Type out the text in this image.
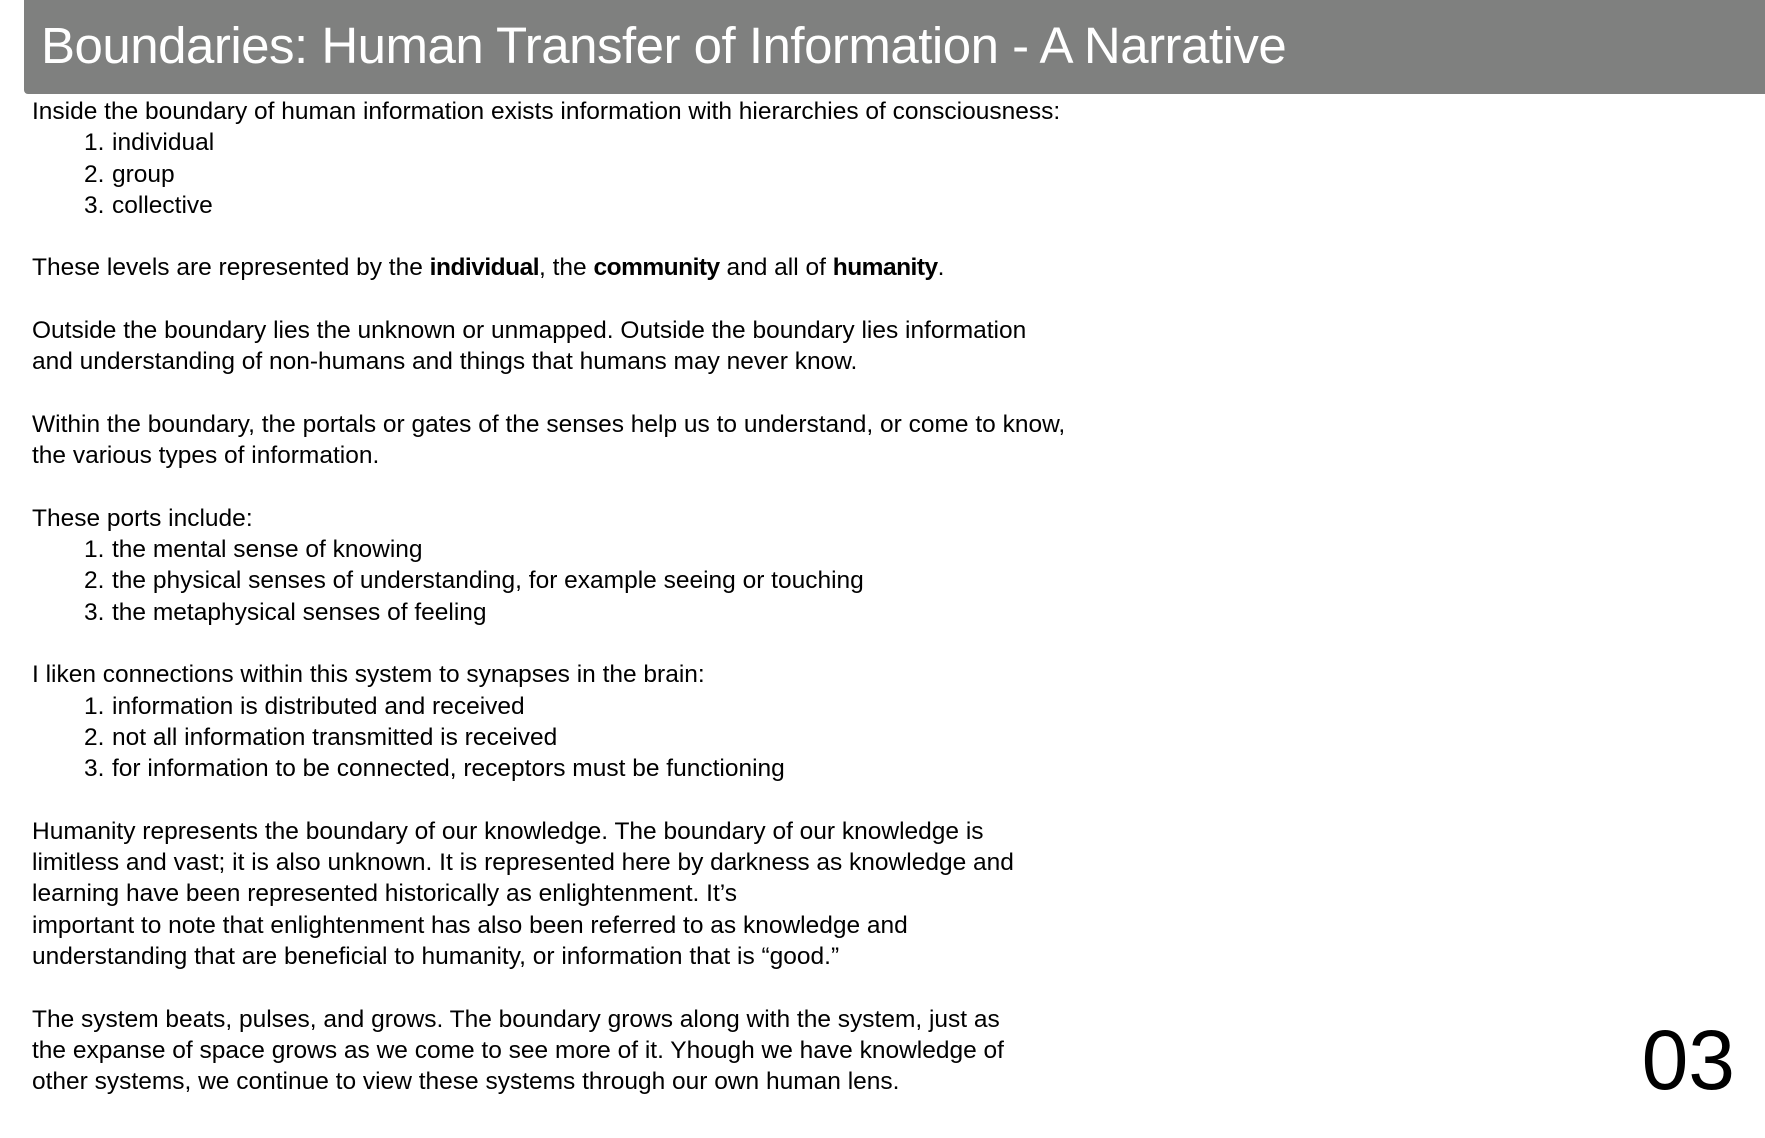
Boundaries: Human Transfer of Information - A Narrative

Inside the boundary of human information exists information with hierarchies of consciousness:

1. individual
2. group
3. collective

These levels are represented by the individual, the community and all of humanity.

Outside the boundary lies the unknown or unmapped. Outside the boundary lies information and understanding of non-humans and things that humans may never know.

Within the boundary, the portals or gates of the senses help us to understand, or come to know, the various types of information.

These ports include:

1. the mental sense of knowing
2. the physical senses of understanding, for example seeing or touching
3. the metaphysical senses of feeling

I liken connections within this system to synapses in the brain:

1. information is distributed and received
2. not all information transmitted is received
3. for information to be connected, receptors must be functioning

Humanity represents the boundary of our knowledge. The boundary of our knowledge is limitless and vast; it is also unknown. It is represented here by darkness as knowledge and learning have been represented historically as enlightenment. It’s

important to note that enlightenment has also been referred to as knowledge and understanding that are beneficial to humanity, or information that is “good.”

The system beats, pulses, and grows. The boundary grows along with the system, just as the expanse of space grows as we come to see more of it. Yhough we have knowledge of other systems, we continue to view these systems through our own human lens.	03
